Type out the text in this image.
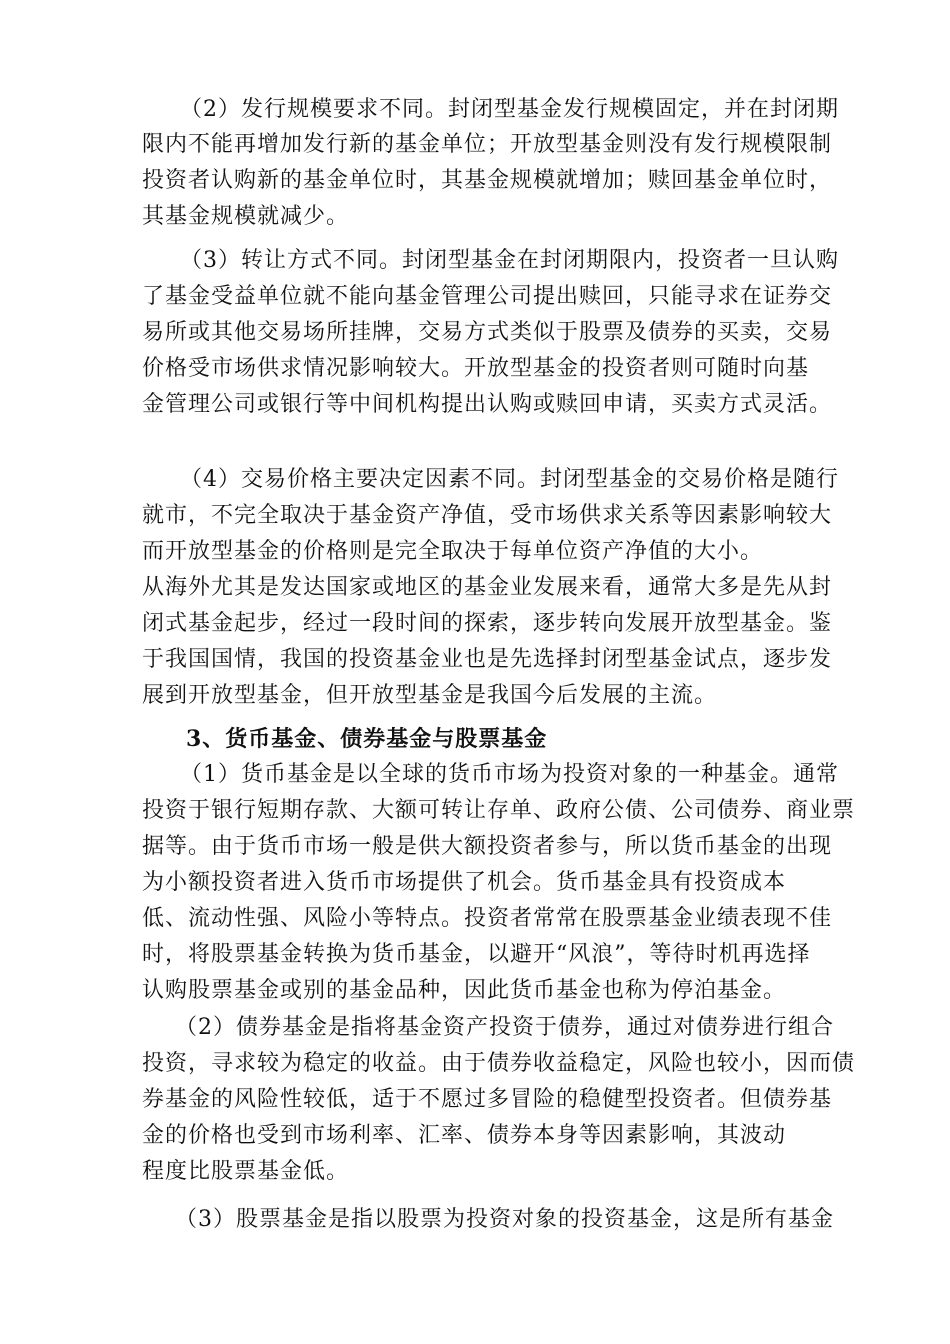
（2）发行规模要求不同。封闭型基金发行规模固定，并在封闭期
限内不能再增加发行新的基金单位；开放型基金则没有发行规模限制
投资者认购新的基金单位时，其基金规模就增加；赎回基金单位时，
其基金规模就减少。
（3）转让方式不同。封闭型基金在封闭期限内，投资者一旦认购
了基金受益单位就不能向基金管理公司提出赎回，只能寻求在证券交
易所或其他交易场所挂牌，交易方式类似于股票及债券的买卖，交易
价格受市场供求情况影响较大。开放型基金的投资者则可随时向基
金管理公司或银行等中间机构提出认购或赎回申请，买卖方式灵活。
（4）交易价格主要决定因素不同。封闭型基金的交易价格是随行
就市，不完全取决于基金资产净值，受市场供求关系等因素影响较大
而开放型基金的价格则是完全取决于每单位资产净值的大小。
从海外尤其是发达国家或地区的基金业发展来看，通常大多是先从封
闭式基金起步，经过一段时间的探索，逐步转向发展开放型基金。鉴
于我国国情，我国的投资基金业也是先选择封闭型基金试点，逐步发
展到开放型基金，但开放型基金是我国今后发展的主流。
3、货币基金、债券基金与股票基金
（1）货币基金是以全球的货币市场为投资对象的一种基金。通常
投资于银行短期存款、大额可转让存单、政府公债、公司债券、商业票
据等。由于货币市场一般是供大额投资者参与，所以货币基金的出现
为小额投资者进入货币市场提供了机会。货币基金具有投资成本
低、流动性强、风险小等特点。投资者常常在股票基金业绩表现不佳
时，将股票基金转换为货币基金，以避开“风浪”，等待时机再选择
认购股票基金或别的基金品种，因此货币基金也称为停泊基金。
（2）债券基金是指将基金资产投资于债券，通过对债券进行组合
投资，寻求较为稳定的收益。由于债券收益稳定，风险也较小，因而债
券基金的风险性较低，适于不愿过多冒险的稳健型投资者。但债券基
金的价格也受到市场利率、汇率、债券本身等因素影响，其波动
程度比股票基金低。
（3）股票基金是指以股票为投资对象的投资基金，这是所有基金
